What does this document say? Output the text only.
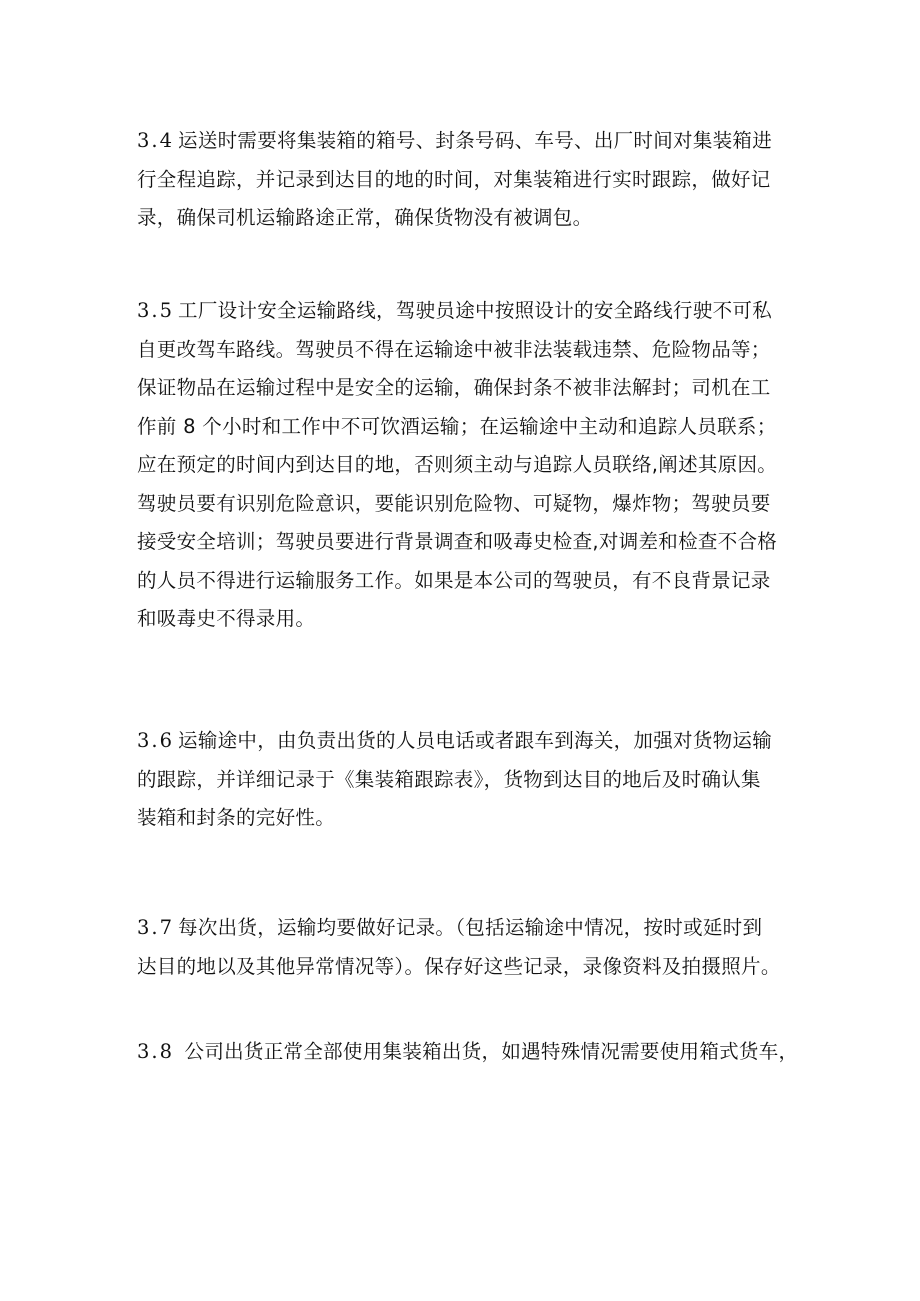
3.4 运送时需要将集装箱的箱号、封条号码、车号、出厂时间对集装箱进
行全程追踪，并记录到达目的地的时间，对集装箱进行实时跟踪，做好记
录，确保司机运输路途正常，确保货物没有被调包。
3.5 工厂设计安全运输路线，驾驶员途中按照设计的安全路线行驶不可私
自更改驾车路线。驾驶员不得在运输途中被非法装载违禁、危险物品等；
保证物品在运输过程中是安全的运输，确保封条不被非法解封；司机在工
作前 8 个小时和工作中不可饮酒运输；在运输途中主动和追踪人员联系；
应在预定的时间内到达目的地，否则须主动与追踪人员联络,阐述其原因。
驾驶员要有识别危险意识，要能识别危险物、可疑物，爆炸物；驾驶员要
接受安全培训；驾驶员要进行背景调查和吸毒史检查,对调差和检查不合格
的人员不得进行运输服务工作。如果是本公司的驾驶员，有不良背景记录
和吸毒史不得录用。
3.6 运输途中，由负责出货的人员电话或者跟车到海关，加强对货物运输
的跟踪，并详细记录于《集装箱跟踪表》，货物到达目的地后及时确认集
装箱和封条的完好性。
3.7 每次出货，运输均要做好记录。（包括运输途中情况，按时或延时到
达目的地以及其他异常情况等）。保存好这些记录，录像资料及拍摄照片。
3.8 公司出货正常全部使用集装箱出货，如遇特殊情况需要使用箱式货车，
